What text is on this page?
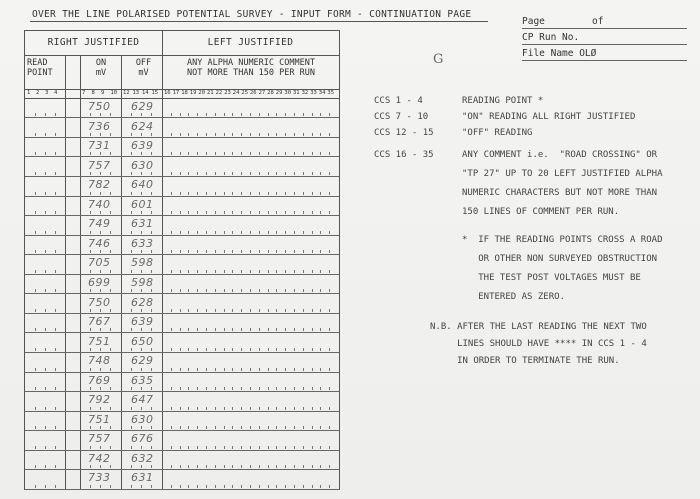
OVER THE LINE POLARISED POTENTIAL SURVEY - INPUT FORM - CONTINUATION PAGE
Page	of
CP Run No.
File Name OLØ
G
RIGHT JUSTIFIED	LEFT JUSTIFIED
READ
POINT
ON
mV
OFF
mV
ANY ALPHA NUMERIC COMMENT
NOT MORE THAN 150 PER RUN
1 2 3 4	7 8 9 10 12 13 14 15 16 17 18 19 20 21 22 23 24 25 26 27 28 29 30 31 32 33 34 35
750 629
736 624
731 639
757 630
782 640
740 601
749 631
746 633
705 598
699 598
750 628
767 639
751 650
748 629
769 635
792 647
751 630
757 676
742 632
733 631
CCS 1 - 4	READING POINT *
CCS 7 - 10	"ON" READING ALL RIGHT JUSTIFIED
CCS 12 - 15	"OFF" READING
CCS 16 - 35	ANY COMMENT i.e.  "ROAD CROSSING" OR
"TP 27" UP TO 20 LEFT JUSTIFIED ALPHA
NUMERIC CHARACTERS BUT NOT MORE THAN
150 LINES OF COMMENT PER RUN.
*  IF THE READING POINTS CROSS A ROAD
OR OTHER NON SURVEYED OBSTRUCTION
THE TEST POST VOLTAGES MUST BE
ENTERED AS ZERO.
N.B. AFTER THE LAST READING THE NEXT TWO
LINES SHOULD HAVE **** IN CCS 1 - 4
IN ORDER TO TERMINATE THE RUN.
